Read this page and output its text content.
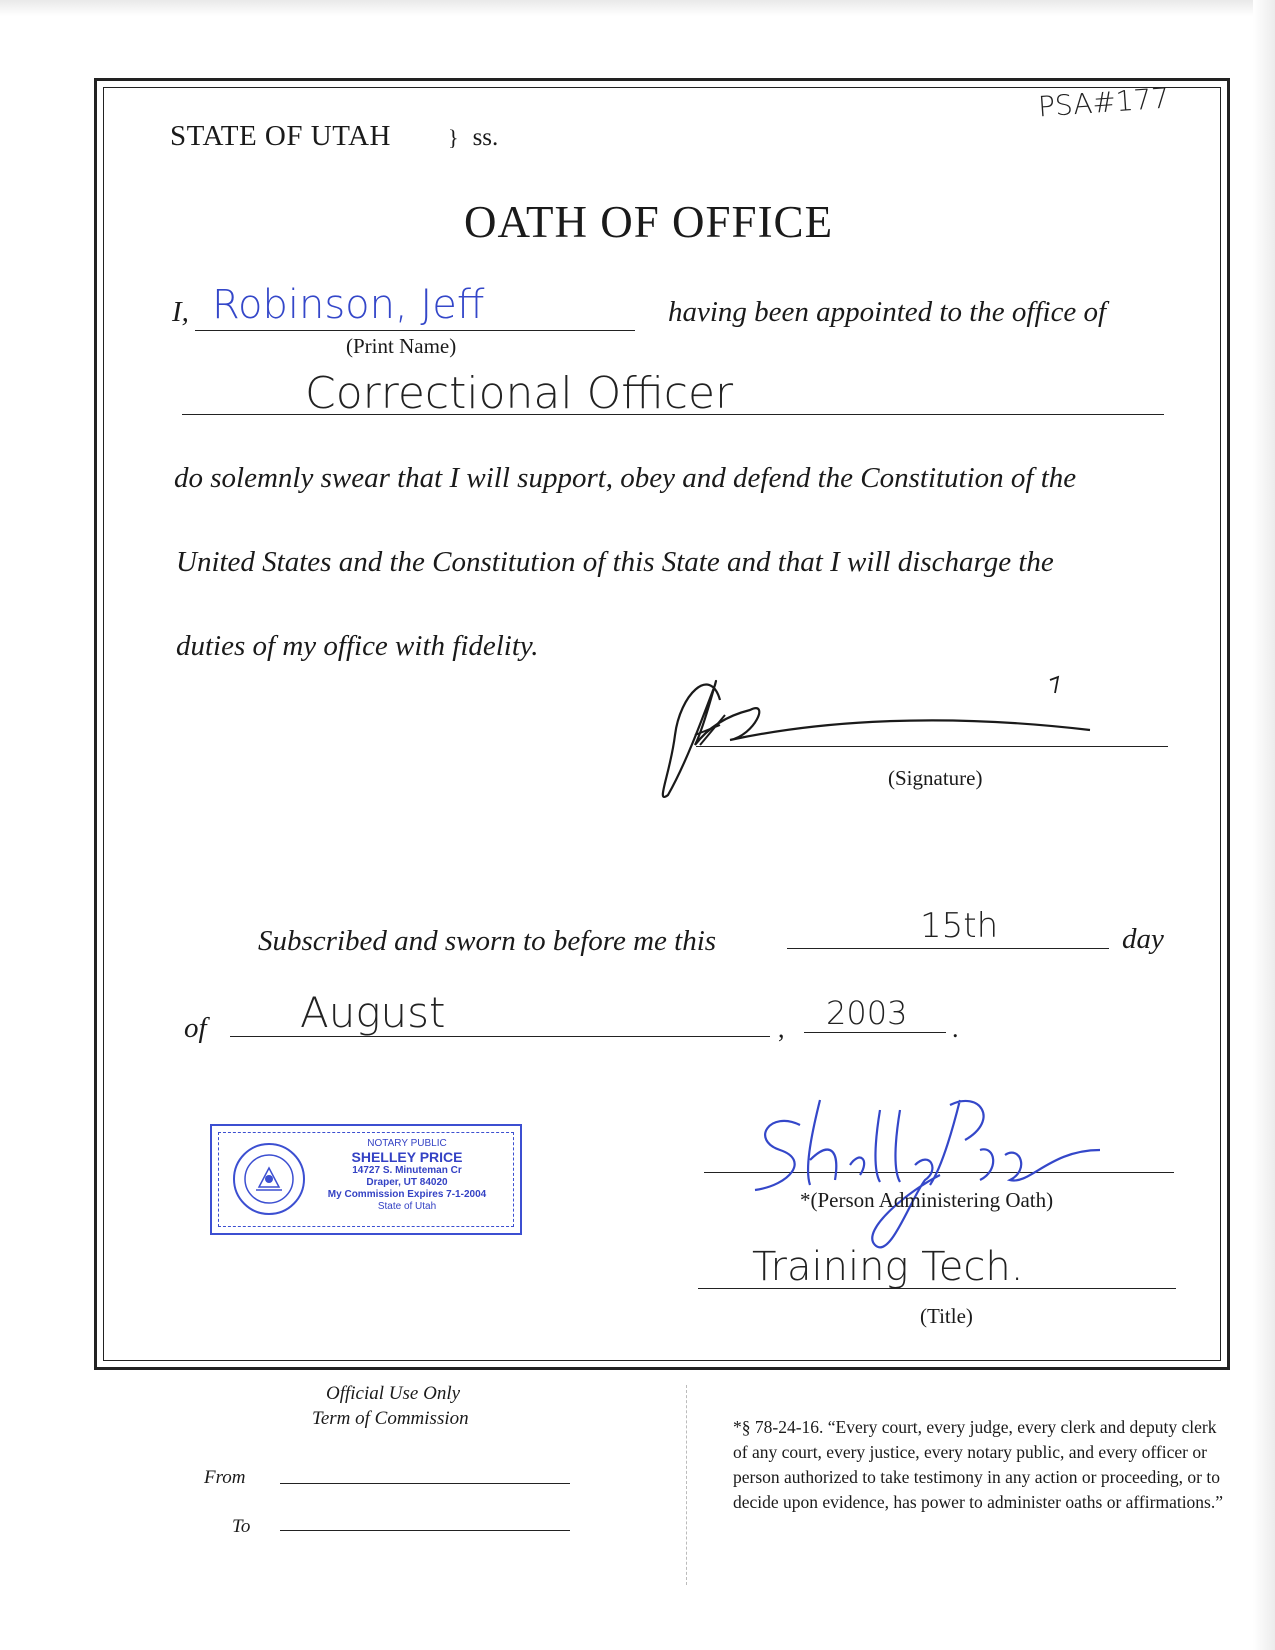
PSA#177
STATE OF UTAH	} ss.
OATH OF OFFICE
I, Robinson, Jeff
(Print Name)
having been appointed to the office of
Correctional Officer
do solemnly swear that I will support, obey and defend the Constitution of the
United States and the Constitution of this State and that I will discharge the
duties of my office with fidelity.
(Signature)
Subscribed and sworn to before me this	15th	day
of August	, 2003 .
NOTARY PUBLIC
SHELLEY PRICE
14727 S. Minuteman Cr
Draper, UT 84020
My Commission Expires 7-1-2004
State of Utah	*(Person Administering Oath)
Training Tech.
(Title)
Official Use Only
Term of Commission
From
To
*§ 78-24-16. “Every court, every judge, every clerk and deputy clerk of any court, every justice, every notary public, and every officer or person authorized to take testimony in any action or proceeding, or to decide upon evidence, has power to administer oaths or affirmations.”
